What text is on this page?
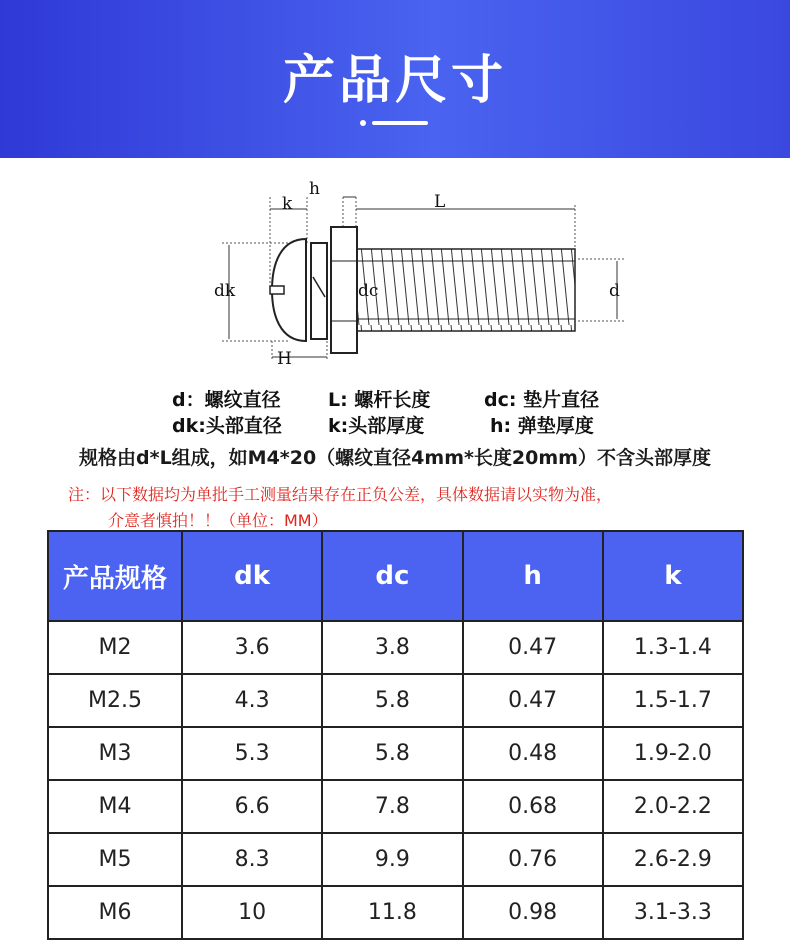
产品尺寸
h
k	L
dk	dc	d
H
d：螺纹直径 L: 螺杆长度	dc: 垫片直径
dk:头部直径 k:头部厚度	h: 弹垫厚度
规格由d*L组成，如M4*20（螺纹直径4mm*长度20mm）不含头部厚度
注：以下数据均为单批手工测量结果存在正负公差，具体数据请以实物为准，
介意者慎拍！！（单位：MM）
产品规格	dk	dc	h	k
M2	3.6	3.8	0.47	1.3-1.4
M2.5	4.3	5.8	0.47	1.5-1.7
M3	5.3	5.8	0.48	1.9-2.0
M4	6.6	7.8	0.68	2.0-2.2
M5	8.3	9.9	0.76	2.6-2.9
M6	10	11.8	0.98	3.1-3.3
